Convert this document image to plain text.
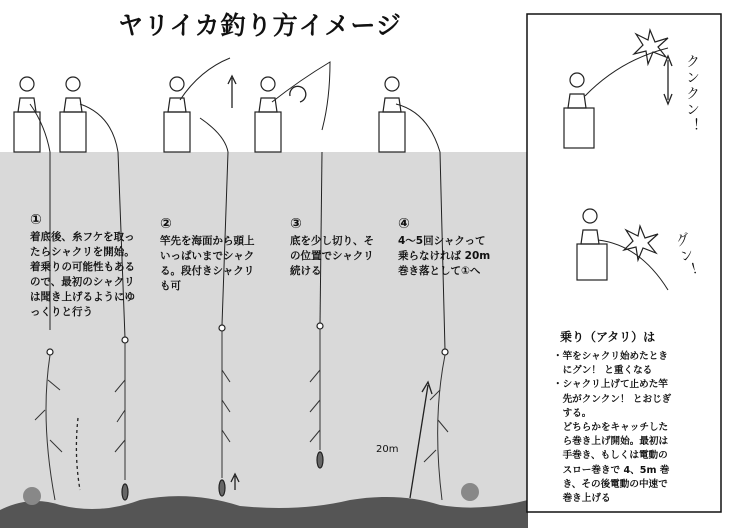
ヤリイカ釣り方イメージ
①
着底後、糸フケを取っ
たらシャクリを開始。
着乗りの可能性もある
ので、最初のシャクリ
は聞き上げるようにゆ
っくりと行う
②
竿先を海面から頭上
いっぱいまでシャク
る。段付きシャクリ
も可
③
底を少し切り、そ
の位置でシャクリ
続ける
④
4～5回シャクって
乗らなければ 20m
巻き落として①へ
20m
クンクン！
グン！
乗り（アタリ）は
・竿をシャクリ始めたとき
　にグン！ と重くなる
・シャクリ上げて止めた竿
　先がクンクン！ とおじぎ
　する。
　どちらかをキャッチした
　ら巻き上げ開始。最初は
　手巻き、もしくは電動の
　スロー巻きで 4、5m 巻
　き、その後電動の中速で
　巻き上げる
